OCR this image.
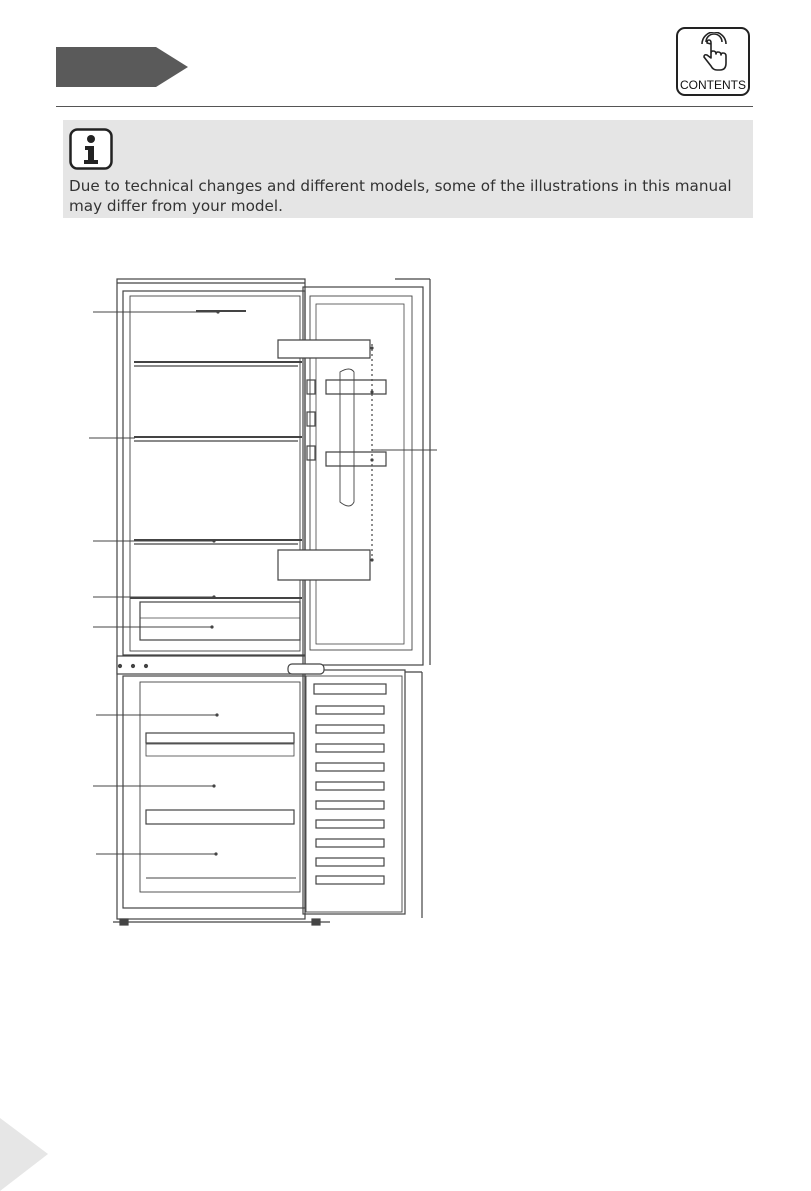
CONTENTS
Due to technical changes and different models, some of the illustrations in this manual may differ from your model.
